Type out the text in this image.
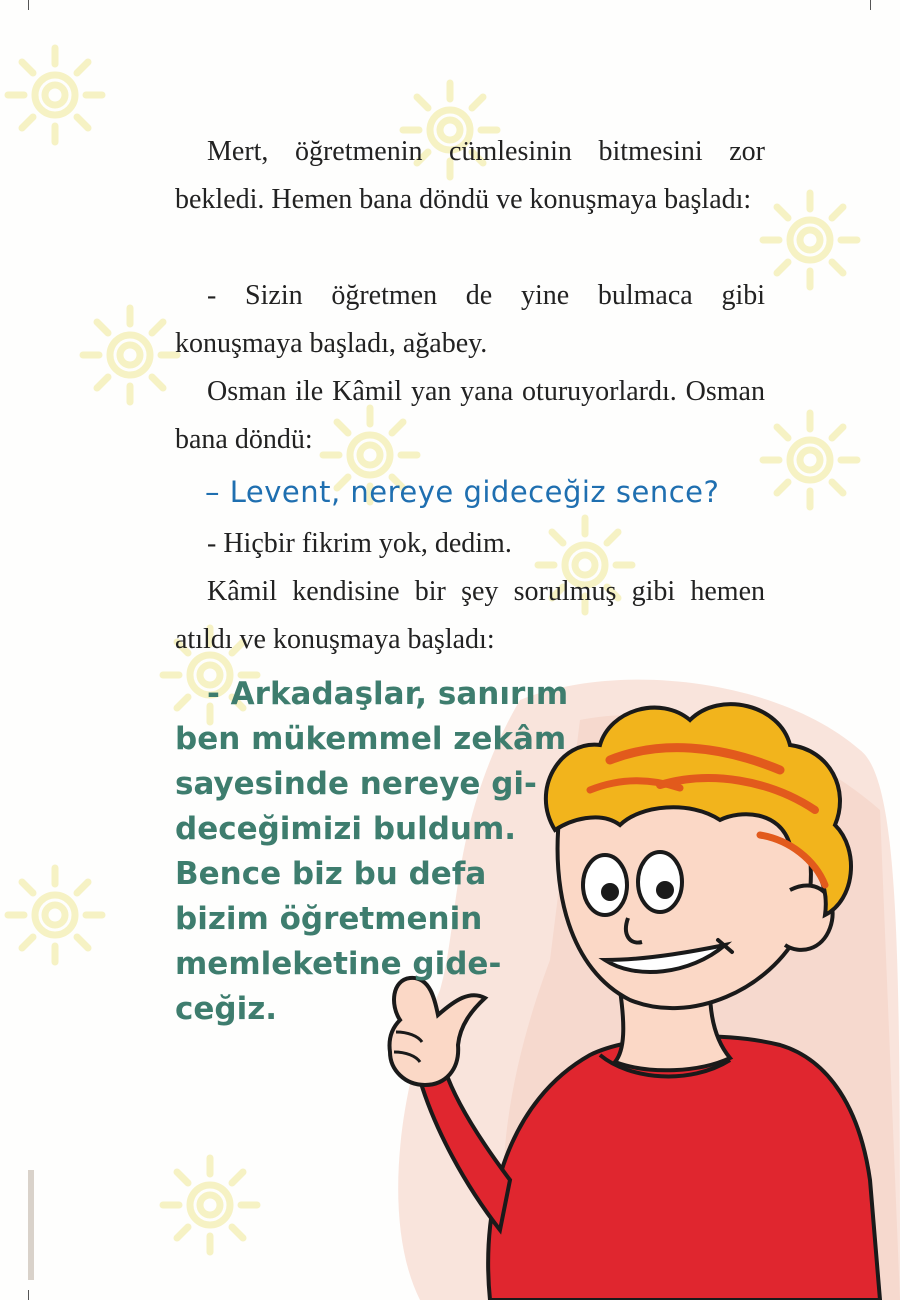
Mert, öğretmenin cümlesinin bitmesini zor bekledi. Hemen bana döndü ve konuşmaya başladı:

- Sizin öğretmen de yine bulmaca gibi konuşmaya başladı, ağabey.

Osman ile Kâmil yan yana oturuyorlardı. Osman bana döndü:

– Levent, nereye gideceğiz sence?

- Hiçbir fikrim yok, dedim.

Kâmil kendisine bir şey sorulmuş gibi hemen atıldı ve konuşmaya başladı:

- Arkadaşlar, sanırım
ben mükemmel zekâm
sayesinde nereye gi-
deceğimizi buldum.
Bence biz bu defa
bizim öğretmenin
memleketine gide-
ceğiz.
